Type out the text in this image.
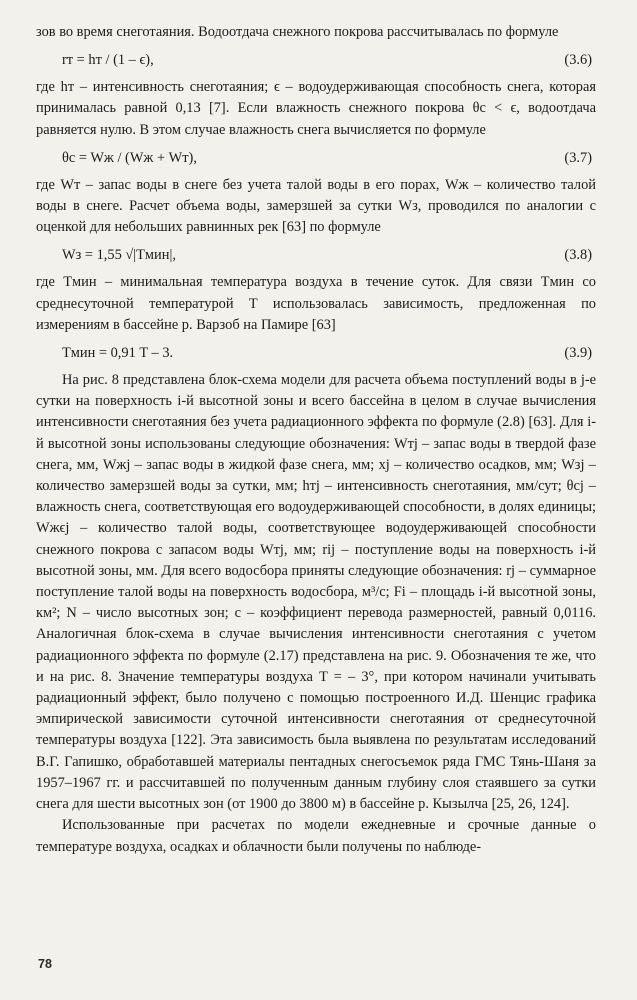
зов во время снеготаяния. Водоотдача снежного покрова рассчитывалась по формуле

rт = hт / (1 – ϵ),	(3.6)

где hт – интенсивность снеготаяния; ϵ – водоудерживающая способность снега, которая принималась равной 0,13 [7]. Если влажность снежного покрова θc < ϵ, водоотдача равняется нулю. В этом случае влажность снега вычисляется по формуле

θc = Wж / (Wж + Wт),	(3.7)

где Wт – запас воды в снеге без учета талой воды в его порах, Wж – количество талой воды в снеге. Расчет объема воды, замерзшей за сутки Wз, проводился по аналогии с оценкой для небольших равнинных рек [63] по формуле

Wз = 1,55 √|Tмин|,	(3.8)

где Tмин – минимальная температура воздуха в течение суток. Для связи Tмин со среднесуточной температурой T использовалась зависимость, предложенная по измерениям в бассейне р. Варзоб на Памире [63]

Tмин = 0,91 T – 3.	(3.9)

На рис. 8 представлена блок-схема модели для расчета объема поступлений воды в j-е сутки на поверхность i-й высотной зоны и всего бассейна в целом в случае вычисления интенсивности снеготаяния без учета радиационного эффекта по формуле (2.8) [63]. Для i-й высотной зоны использованы следующие обозначения: Wтj – запас воды в твердой фазе снега, мм, Wжj – запас воды в жидкой фазе снега, мм; xj – количество осадков, мм; Wзj – количество замерзшей воды за сутки, мм; hтj – интенсивность снеготаяния, мм/сут; θcj – влажность снега, соответствующая его водоудерживающей способности, в долях единицы; Wжϵj – количество талой воды, соответствующее водоудерживающей способности снежного покрова с запасом воды Wтj, мм; rij – поступление воды на поверхность i-й высотной зоны, мм. Для всего водосбора приняты следующие обозначения: rj – суммарное поступление талой воды на поверхность водосбора, м³/с; Fi – площадь i-й высотной зоны, км²; N – число высотных зон; c – коэффициент перевода размерностей, равный 0,0116. Аналогичная блок-схема в случае вычисления интенсивности снеготаяния с учетом радиационного эффекта по формуле (2.17) представлена на рис. 9. Обозначения те же, что и на рис. 8. Значение температуры воздуха T = – 3°, при котором начинали учитывать радиационный эффект, было получено с помощью построенного И.Д. Шенцис графика эмпирической зависимости суточной интенсивности снеготаяния от среднесуточной температуры воздуха [122]. Эта зависимость была выявлена по результатам исследований В.Г. Гапишко, обработавшей материалы пентадных снегосъемок ряда ГМС Тянь-Шаня за 1957–1967 гг. и рассчитавшей по полученным данным глубину слоя стаявшего за сутки снега для шести высотных зон (от 1900 до 3800 м) в бассейне р. Кызылча [25, 26, 124].

Использованные при расчетах по модели ежедневные и срочные данные о температуре воздуха, осадках и облачности были получены по наблюде-

78
